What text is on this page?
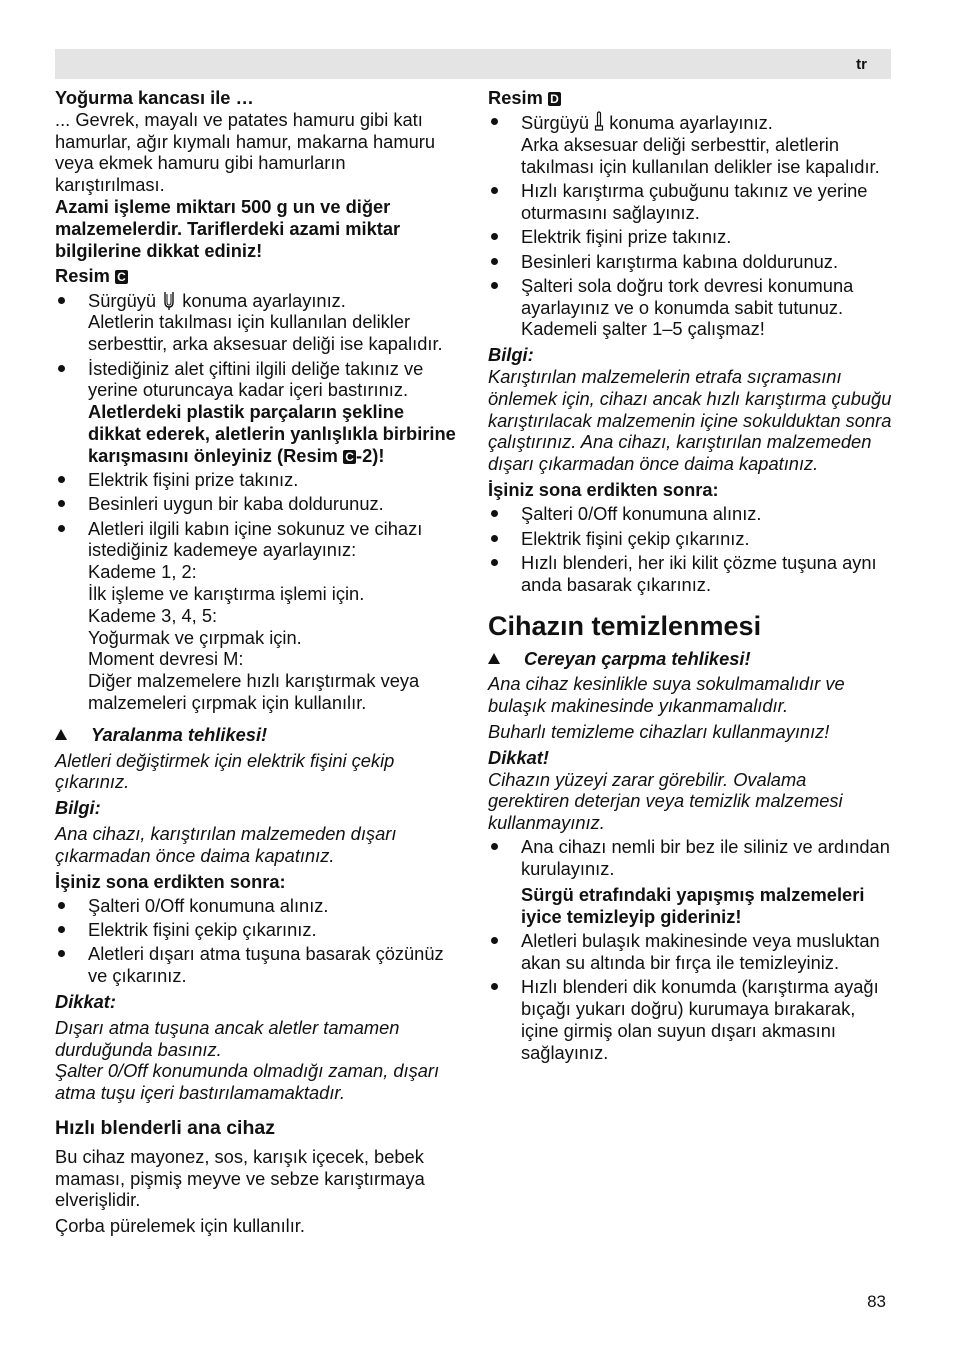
tr

Yoğurma kancası ile …

... Gevrek, mayalı ve patates hamuru gibi katı hamurlar, ağır kıymalı hamur, makarna hamuru veya ekmek hamuru gibi hamurların karıştırılması.

Azami işleme miktarı 500 g un ve diğer malzemelerdir. Tariflerdeki azami miktar bilgilerine dikkat ediniz!

Resim C

Sürgüyü konuma ayarlayınız.

Aletlerin takılması için kullanılan delikler serbesttir, arka aksesuar deliği ise kapalıdır.

İstediğiniz alet çiftini ilgili deliğe takınız ve yerine oturuncaya kadar içeri bastırınız.

Aletlerdeki plastik parçaların şekline dikkat ederek, aletlerin yanlışlıkla birbirine karışmasını önleyiniz (Resim C -2)!

Elektrik fişini prize takınız.
Besinleri uygun bir kaba doldurunuz.

Aletleri ilgili kabın içine sokunuz ve cihazı istediğiniz kademeye ayarlayınız:

Kademe 1, 2:

İlk işleme ve karıştırma işlemi için.

Kademe 3, 4, 5:

Yoğurmak ve çırpmak için.

Moment devresi M:

Diğer malzemelere hızlı karıştırmak veya malzemeleri çırpmak için kullanılır.

Yaralanma tehlikesi!

Aletleri değiştirmek için elektrik fişini çekip çıkarınız.

Bilgi:

Ana cihazı, karıştırılan malzemeden dışarı çıkarmadan önce daima kapatınız.

İşiniz sona erdikten sonra:

Şalteri 0/Off konumuna alınız.
Elektrik fişini çekip çıkarınız.
Aletleri dışarı atma tuşuna basarak çözünüz ve çıkarınız.

Dikkat:

Dışarı atma tuşuna ancak aletler tamamen durduğunda basınız.

Şalter 0/Off konumunda olmadığı zaman, dışarı atma tuşu içeri bastırılamamaktadır.

Hızlı blenderli ana cihaz

Bu cihaz mayonez, sos, karışık içecek, bebek maması, pişmiş meyve ve sebze karıştırmaya elverişlidir.

Çorba pürelemek için kullanılır.

Resim D

Sürgüyü konuma ayarlayınız.

Arka aksesuar deliği serbesttir, aletlerin takılması için kullanılan delikler ise kapalıdır.

Hızlı karıştırma çubuğunu takınız ve yerine oturmasını sağlayınız.
Elektrik fişini prize takınız.
Besinleri karıştırma kabına doldurunuz.

Şalteri sola doğru tork devresi konumuna ayarlayınız ve o konumda sabit tutunuz.

Kademeli şalter 1–5 çalışmaz!

Bilgi:

Karıştırılan malzemelerin etrafa sıçramasını önlemek için, cihazı ancak hızlı karıştırma çubuğu karıştırılacak malzemenin içine sokulduktan sonra çalıştırınız. Ana cihazı, karıştırılan malzemeden dışarı çıkarmadan önce daima kapatınız.

İşiniz sona erdikten sonra:

Şalteri 0/Off konumuna alınız.
Elektrik fişini çekip çıkarınız.
Hızlı blenderi, her iki kilit çözme tuşuna aynı anda basarak çıkarınız.

Cihazın temizlenmesi

Cereyan çarpma tehlikesi!

Ana cihaz kesinlikle suya sokulmamalıdır ve bulaşık makinesinde yıkanmamalıdır.

Buharlı temizleme cihazları kullanmayınız!

Dikkat!

Cihazın yüzeyi zarar görebilir. Ovalama gerektiren deterjan veya temizlik malzemesi kullanmayınız.

Ana cihazı nemli bir bez ile siliniz ve ardından kurulayınız.

Sürgü etrafındaki yapışmış malzemeleri iyice temizleyip gideriniz!

Aletleri bulaşık makinesinde veya musluktan akan su altında bir fırça ile temizleyiniz.
Hızlı blenderi dik konumda (karıştırma ayağı bıçağı yukarı doğru) kurumaya bırakarak, içine girmiş olan suyun dışarı akmasını sağlayınız.
83
